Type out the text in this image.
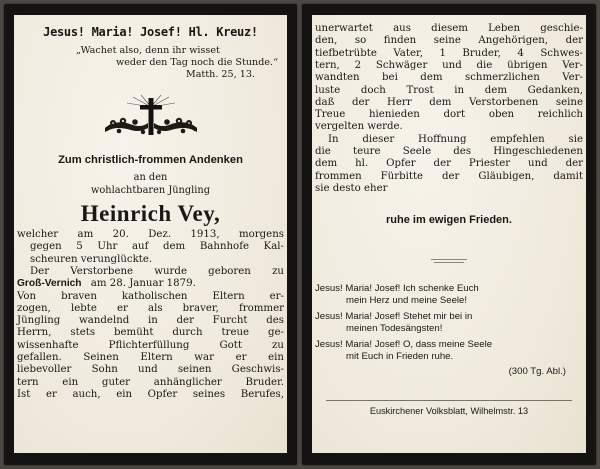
Jesus! Maria! Josef! Hl. Kreuz!
„Wachet also, denn ihr wisset
weder den Tag noch die Stunde.“
Matth. 25, 13.
Zum christlich-frommen Andenken
an den
wohlachtbaren Jüngling
Heinrich Vey,
welcher am 20. Dez. 1913, morgens
gegen 5 Uhr auf dem Bahnhofe Kal-
scheuren verunglückte.
Der Verstorbene wurde geboren zu
Groß-Vernich am 28. Januar 1879.
Von braven katholischen Eltern er-
zogen, lebte er als braver, frommer
Jüngling wandelnd in der Furcht des
Herrn, stets bemüht durch treue ge-
wissenhafte Pflichterfüllung Gott zu
gefallen. Seinen Eltern war er ein
liebevoller Sohn und seinen Geschwis-
tern ein guter anhänglicher Bruder.
Ist er auch, ein Opfer seines Berufes,
unerwartet aus diesem Leben geschie-
den, so finden seine Angehörigen, der
tiefbetrübte Vater, 1 Bruder, 4 Schwes-
tern, 2 Schwäger und die übrigen Ver-
wandten bei dem schmerzlichen Ver-
luste doch Trost in dem Gedanken,
daß der Herr dem Verstorbenen seine
Treue hienieden dort oben reichlich
vergelten werde.
In dieser Hoffnung empfehlen sie
die teure Seele des Hingeschiedenen
dem hl. Opfer der Priester und der
frommen Fürbitte der Gläubigen, damit
sie desto eher
ruhe im ewigen Frieden.
Jesus! Maria! Josef! Ich schenke Euch
mein Herz und meine Seele!
Jesus! Maria! Josef! Stehet mir bei in
meinen Todesängsten!
Jesus! Maria! Josef! O, dass meine Seele
mit Euch in Frieden ruhe.
(300 Tg. Abl.)
Euskirchener Volksblatt, Wilhelmstr. 13
